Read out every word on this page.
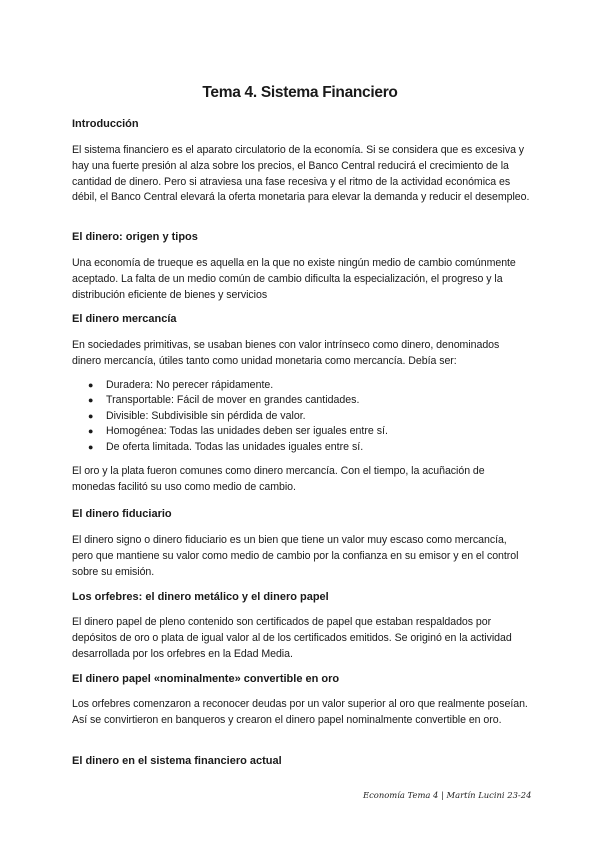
Tema 4. Sistema Financiero
Introducción

El sistema financiero es el aparato circulatorio de la economía. Si se considera que es excesiva y hay una fuerte presión al alza sobre los precios, el Banco Central reducirá el crecimiento de la cantidad de dinero. Pero si atraviesa una fase recesiva y el ritmo de la actividad económica es débil, el Banco Central elevará la oferta monetaria para elevar la demanda y reducir el desempleo.

El dinero: origen y tipos

Una economía de trueque es aquella en la que no existe ningún medio de cambio comúnmente aceptado. La falta de un medio común de cambio dificulta la especialización, el progreso y la distribución eficiente de bienes y servicios

El dinero mercancía

En sociedades primitivas, se usaban bienes con valor intrínseco como dinero, denominados dinero mercancía, útiles tanto como unidad monetaria como mercancía. Debía ser:

● Duradera: No perecer rápidamente.
● Transportable: Fácil de mover en grandes cantidades.
● Divisible: Subdivisible sin pérdida de valor.
● Homogénea: Todas las unidades deben ser iguales entre sí.
● De oferta limitada. Todas las unidades iguales entre sí.

El oro y la plata fueron comunes como dinero mercancía. Con el tiempo, la acuñación de monedas facilitó su uso como medio de cambio.

El dinero fiduciario

El dinero signo o dinero fiduciario es un bien que tiene un valor muy escaso como mercancía, pero que mantiene su valor como medio de cambio por la confianza en su emisor y en el control sobre su emisión.

Los orfebres: el dinero metálico y el dinero papel

El dinero papel de pleno contenido son certificados de papel que estaban respaldados por depósitos de oro o plata de igual valor al de los certificados emitidos. Se originó en la actividad desarrollada por los orfebres en la Edad Media.

El dinero papel «nominalmente» convertible en oro

Los orfebres comenzaron a reconocer deudas por un valor superior al oro que realmente poseían. Así se convirtieron en banqueros y crearon el dinero papel nominalmente convertible en oro.

El dinero en el sistema financiero actual
Economía Tema 4 | Martín Lucini 23-24
